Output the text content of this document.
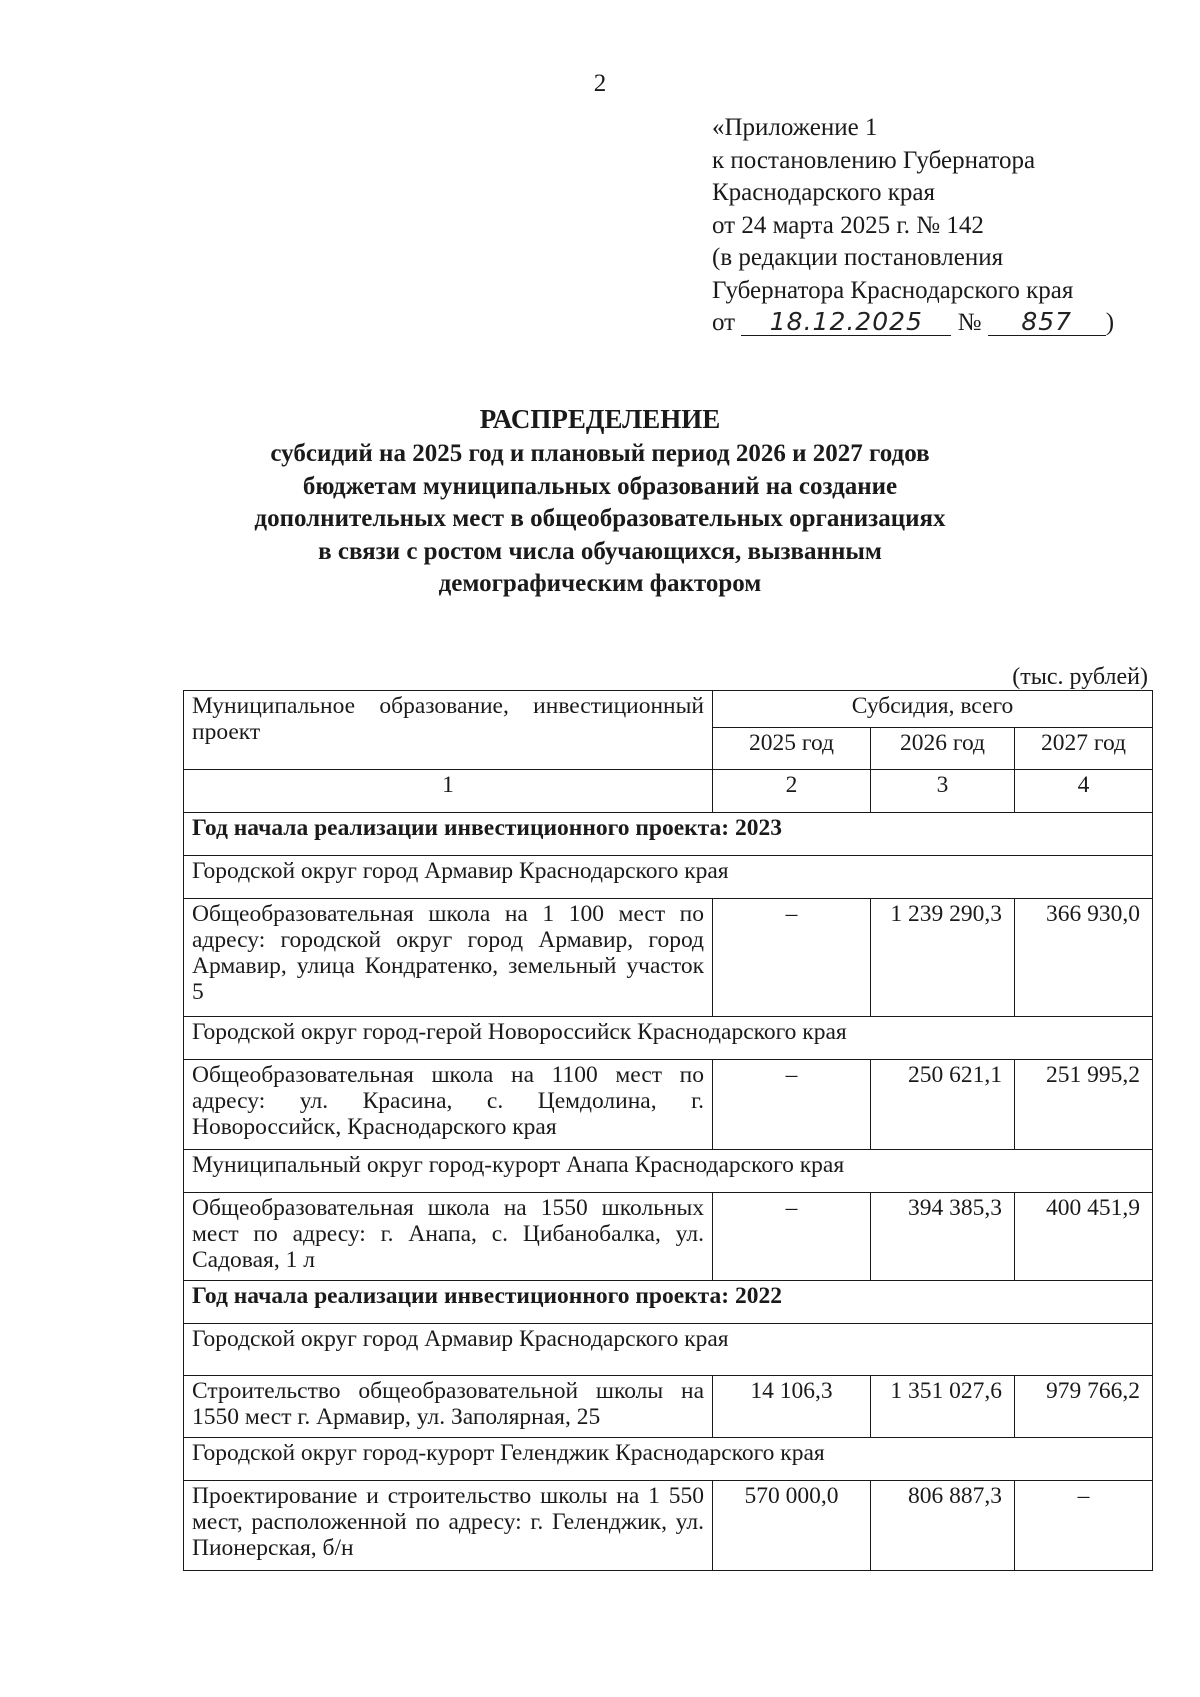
2
«Приложение 1
к постановлению Губернатора
Краснодарского края
от 24 марта 2025 г. № 142
(в редакции постановления
Губернатора Краснодарского края
от 18.12.2025 № 857 )
РАСПРЕДЕЛЕНИЕ
субсидий на 2025 год и плановый период 2026 и 2027 годов
бюджетам муниципальных образований на создание
дополнительных мест в общеобразовательных организациях
в связи с ростом числа обучающихся, вызванным
демографическим фактором
(тыс. рублей)
Муниципальное образование, инвестиционный проект	Субсидия, всего		
	2025 год	2026 год	2027 год
1	2	3	4
Год начала реализации инвестиционного проекта: 2023			
Городской округ город Армавир Краснодарского края			
Общеобразовательная школа на 1 100 мест по адресу: городской округ город Армавир, город Армавир, улица Кондратенко, земельный участок 5	–	1 239 290,3	366 930,0
Городской округ город-герой Новороссийск Краснодарского края			
Общеобразовательная школа на 1100 мест по адресу: ул. Красина, с. Цемдолина, г. Новороссийск, Краснодарского края	–	250 621,1	251 995,2
Муниципальный округ город-курорт Анапа Краснодарского края			
Общеобразовательная школа на 1550 школьных мест по адресу: г. Анапа, с. Цибанобалка, ул. Садовая, 1 л	–	394 385,3	400 451,9
Год начала реализации инвестиционного проекта: 2022			
Городской округ город Армавир Краснодарского края			
Строительство общеобразовательной школы на 1550 мест г. Армавир, ул. Заполярная, 25	14 106,3	1 351 027,6	979 766,2
Городской округ город-курорт Геленджик Краснодарского края			
Проектирование и строительство школы на 1 550 мест, расположенной по адресу: г. Геленджик, ул. Пионерская, б/н	570 000,0	806 887,3	–
